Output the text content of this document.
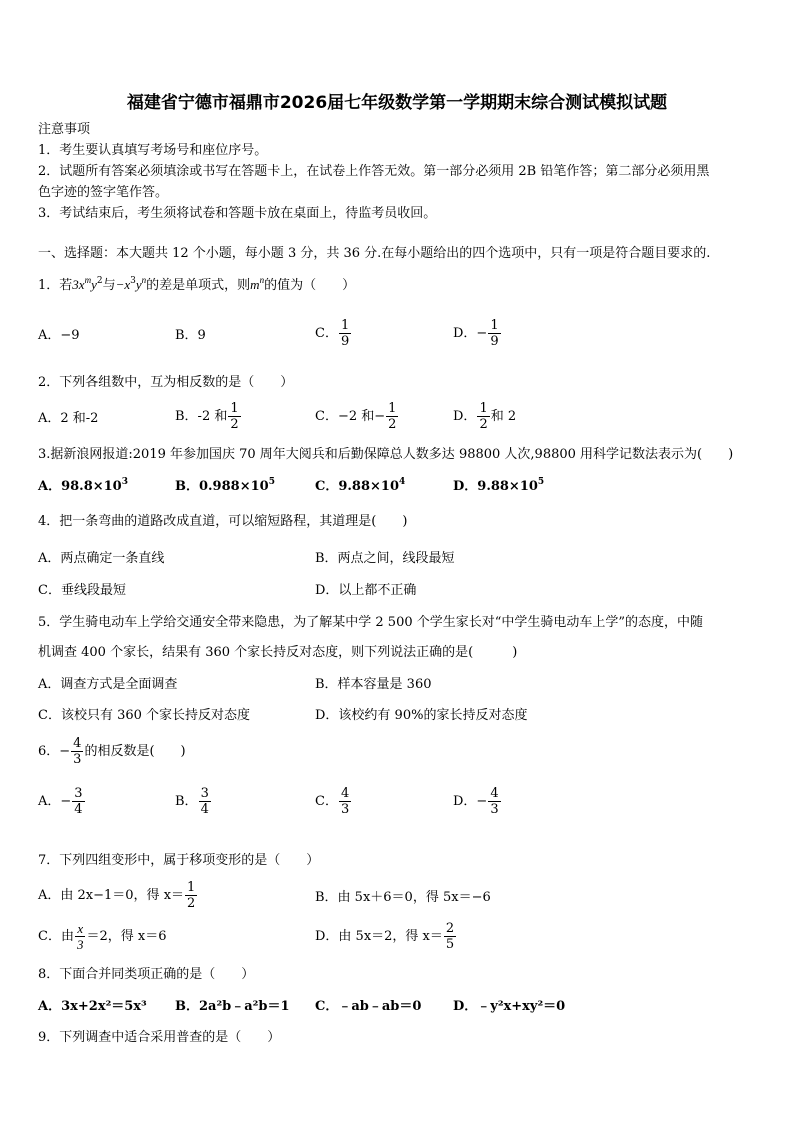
福建省宁德市福鼎市2026届七年级数学第一学期期末综合测试模拟试题
注意事项
1．考生要认真填写考场号和座位序号。
2．试题所有答案必须填涂或书写在答题卡上，在试卷上作答无效。第一部分必须用 2B 铅笔作答；第二部分必须用黑
色字迹的签字笔作答。
3．考试结束后，考生须将试卷和答题卡放在桌面上，待监考员收回。
一、选择题：本大题共 12 个小题，每小题 3 分，共 36 分.在每小题给出的四个选项中，只有一项是符合题目要求的.
1．若$3x^my^2$与$-x^3y^n$的差是单项式，则$m^n$的值为（　　）
A．−9	B．9	C． $\frac{1}{9}$	D．− $\frac{1}{9}$
2．下列各组数中，互为相反数的是（　　）
A．2 和-2	B．-2 和 $\frac{1}{2}$	C．−2 和− $\frac{1}{2}$	D． $\frac{1}{2}$ 和 2
3.据新浪网报道:2019 年参加国庆 70 周年大阅兵和后勤保障总人数多达 98800 人次,98800 用科学记数法表示为(　　)
A．$98.8\times 10^3$	B．$0.988\times 10^5$	C．$9.88\times 10^4$	D．$9.88\times 10^5$
4．把一条弯曲的道路改成直道，可以缩短路程，其道理是(　　)
A．两点确定一条直线	B．两点之间，线段最短
C．垂线段最短	D．以上都不正确
5．学生骑电动车上学给交通安全带来隐患，为了解某中学 2 500 个学生家长对“中学生骑电动车上学”的态度，中随
机调查 400 个家长，结果有 360 个家长持反对态度，则下列说法正确的是(　　　)
A．调查方式是全面调查	B．样本容量是 360
C．该校只有 360 个家长持反对态度	D．该校约有 90%的家长持反对态度
6．− $\frac{4}{3}$ 的相反数是(　　)
A．− $\frac{3}{4}$	B． $\frac{3}{4}$	C． $\frac{4}{3}$	D．− $\frac{4}{3}$
7．下列四组变形中，属于移项变形的是（　　）
A．由 2x−1＝0，得 $x= \frac{1}{2}$	B．由 5x＋6＝0，得 5x＝−6
C．由 $\frac{x}{3} =2$，得 x＝6	D．由 5x＝2，得 $x= \frac{2}{5}$
8．下面合并同类项正确的是（　　）
A．3x+2x²＝5x³ B．2a²b﹣a²b＝1 C．﹣ab﹣ab＝0 D．﹣y²x+xy²＝0
9．下列调查中适合采用普查的是（　　）
